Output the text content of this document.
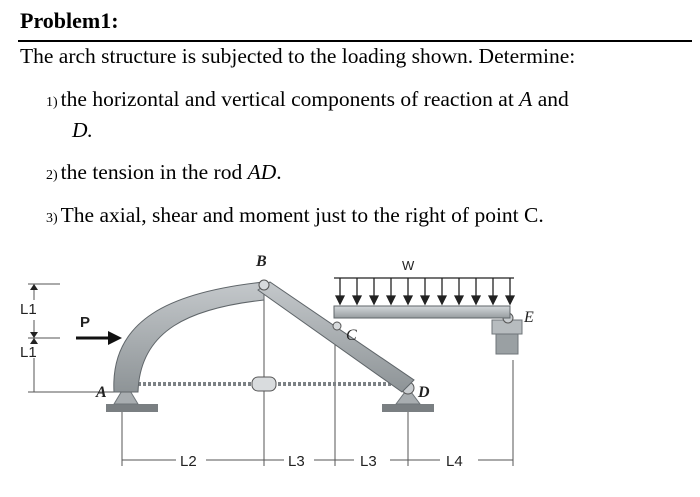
Problem1:
The arch structure is subjected to the loading shown. Determine:
1) the horizontal and vertical components of reaction at A and
D.
2) the tension in the rod AD.
3) The axial, shear and moment just to the right of point C.
B
C
D
E
A
W
P
L1
L1
L2	L3	L3	L4
